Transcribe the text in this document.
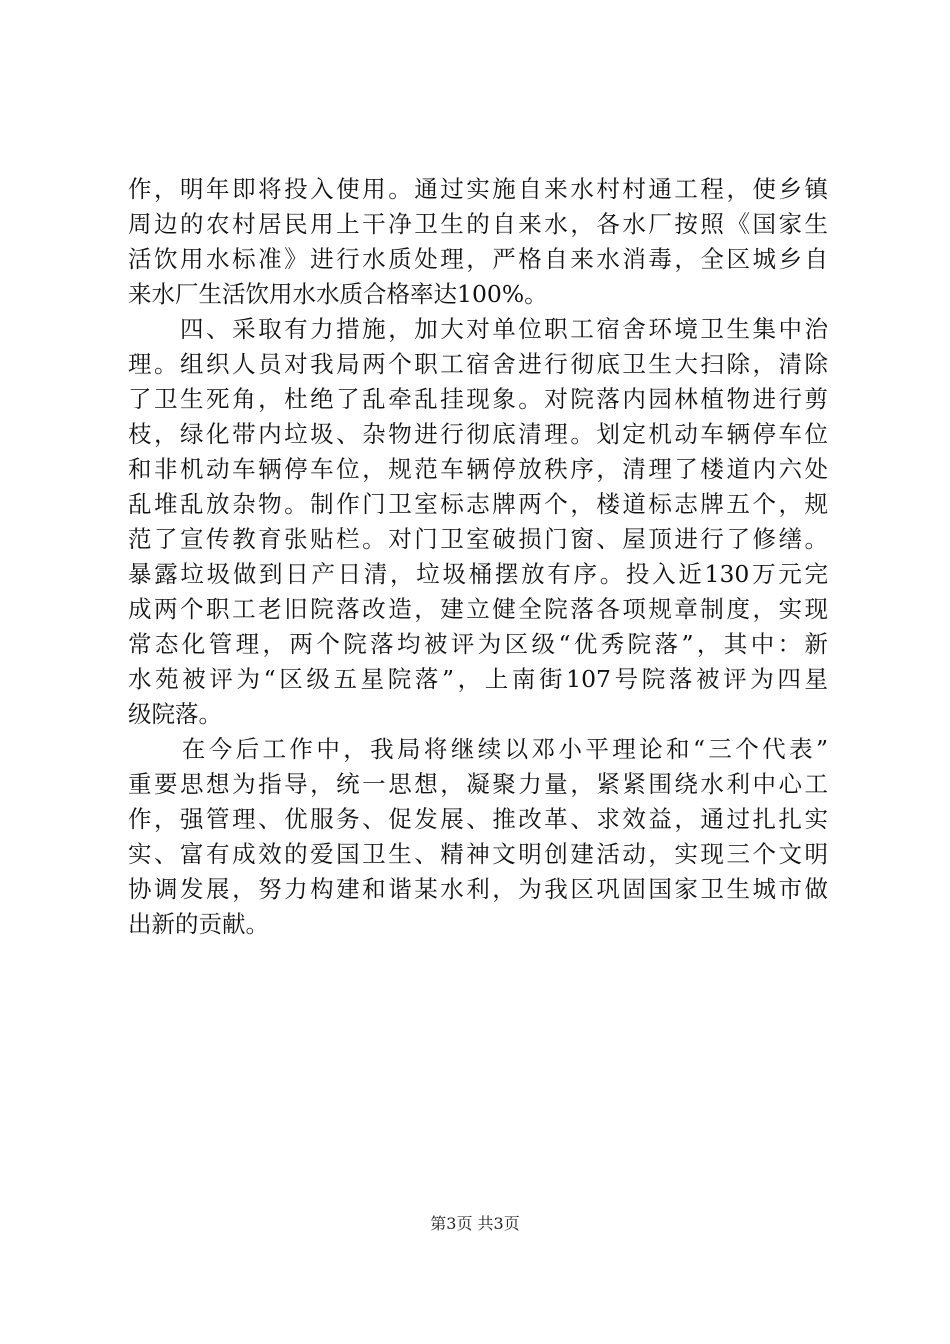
作，明年即将投入使用。通过实施自来水村村通工程，使乡镇
周边的农村居民用上干净卫生的自来水，各水厂按照《国家生
活饮用水标准》进行水质处理，严格自来水消毒，全区城乡自
来水厂生活饮用水水质合格率达100%。
　　四、采取有力措施，加大对单位职工宿舍环境卫生集中治
理。组织人员对我局两个职工宿舍进行彻底卫生大扫除，清除
了卫生死角，杜绝了乱牵乱挂现象。对院落内园林植物进行剪
枝，绿化带内垃圾、杂物进行彻底清理。划定机动车辆停车位
和非机动车辆停车位，规范车辆停放秩序，清理了楼道内六处
乱堆乱放杂物。制作门卫室标志牌两个，楼道标志牌五个，规
范了宣传教育张贴栏。对门卫室破损门窗、屋顶进行了修缮。
暴露垃圾做到日产日清，垃圾桶摆放有序。投入近130万元完
成两个职工老旧院落改造，建立健全院落各项规章制度，实现
常态化管理，两个院落均被评为区级“优秀院落”，其中：新
水苑被评为“区级五星院落”，上南街107号院落被评为四星
级院落。
　　在今后工作中，我局将继续以邓小平理论和“三个代表”
重要思想为指导，统一思想，凝聚力量，紧紧围绕水利中心工
作，强管理、优服务、促发展、推改革、求效益，通过扎扎实
实、富有成效的爱国卫生、精神文明创建活动，实现三个文明
协调发展，努力构建和谐某水利，为我区巩固国家卫生城市做
出新的贡献。
第3页 共3页
